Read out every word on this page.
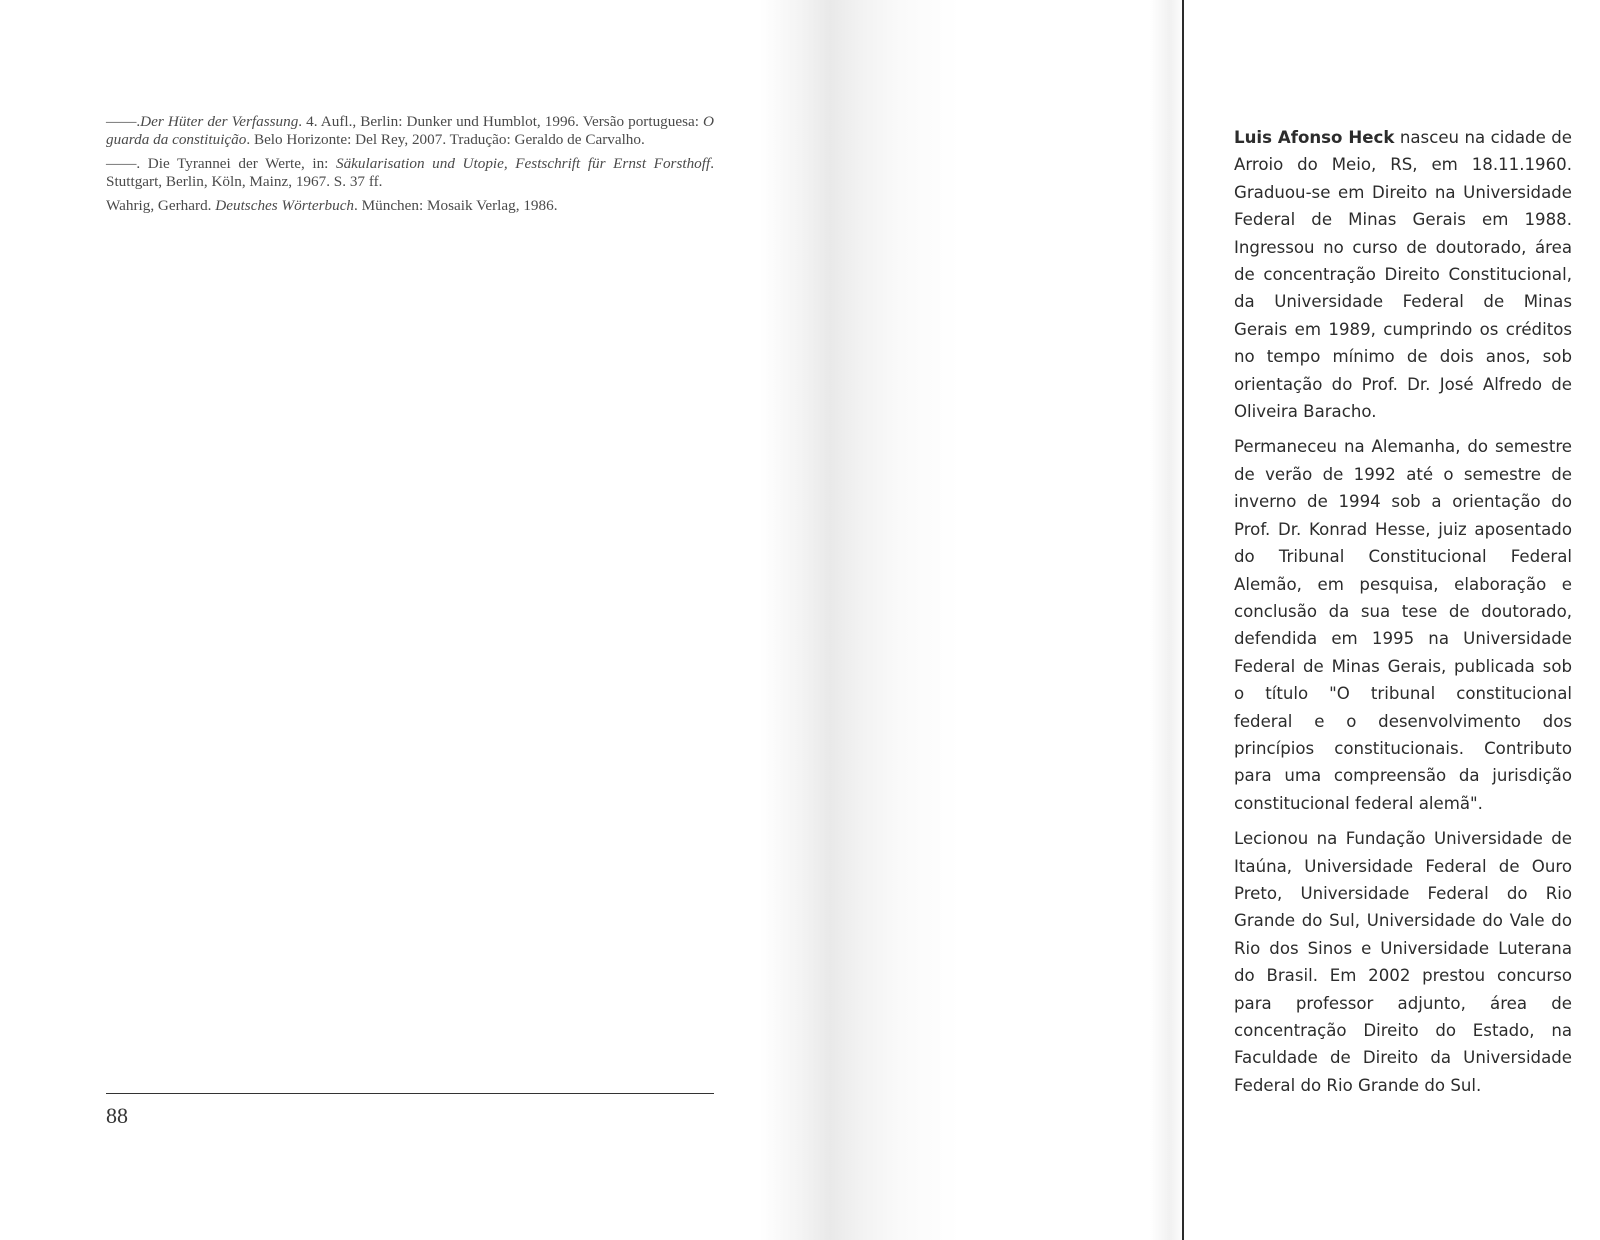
——.Der Hüter der Verfassung. 4. Aufl., Berlin: Dunker und Humblot, 1996. Versão portuguesa: O guarda da constituição. Belo Horizonte: Del Rey, 2007. Tradução: Geraldo de Carvalho.

——. Die Tyrannei der Werte, in: Säkularisation und Utopie, Festschrift für Ernst Forsthoff. Stuttgart, Berlin, Köln, Mainz, 1967. S. 37 ff.

Wahrig, Gerhard. Deutsches Wörterbuch. München: Mosaik Verlag, 1986.

88

Luis Afonso Heck nasceu na cidade de Arroio do Meio, RS, em 18.11.1960. Graduou-se em Direito na Universidade Federal de Minas Gerais em 1988. Ingressou no curso de doutorado, área de concentração Direito Constitucional, da Universidade Federal de Minas Gerais em 1989, cumprindo os créditos no tempo mínimo de dois anos, sob orientação do Prof. Dr. José Alfredo de Oliveira Baracho.

Permaneceu na Alemanha, do semestre de verão de 1992 até o semestre de inverno de 1994 sob a orientação do Prof. Dr. Konrad Hesse, juiz aposentado do Tribunal Constitucional Federal Alemão, em pesquisa, elaboração e conclusão da sua tese de doutorado, defendida em 1995 na Universidade Federal de Minas Gerais, publicada sob o título "O tribunal constitucional federal e o desenvolvimento dos princípios constitucionais. Contributo para uma compreensão da jurisdição constitucional federal alemã".

Lecionou na Fundação Universidade de Itaúna, Universidade Federal de Ouro Preto, Universidade Federal do Rio Grande do Sul, Universidade do Vale do Rio dos Sinos e Universidade Luterana do Brasil. Em 2002 prestou concurso para professor adjunto, área de concentração Direito do Estado, na Faculdade de Direito da Universidade Federal do Rio Grande do Sul.
